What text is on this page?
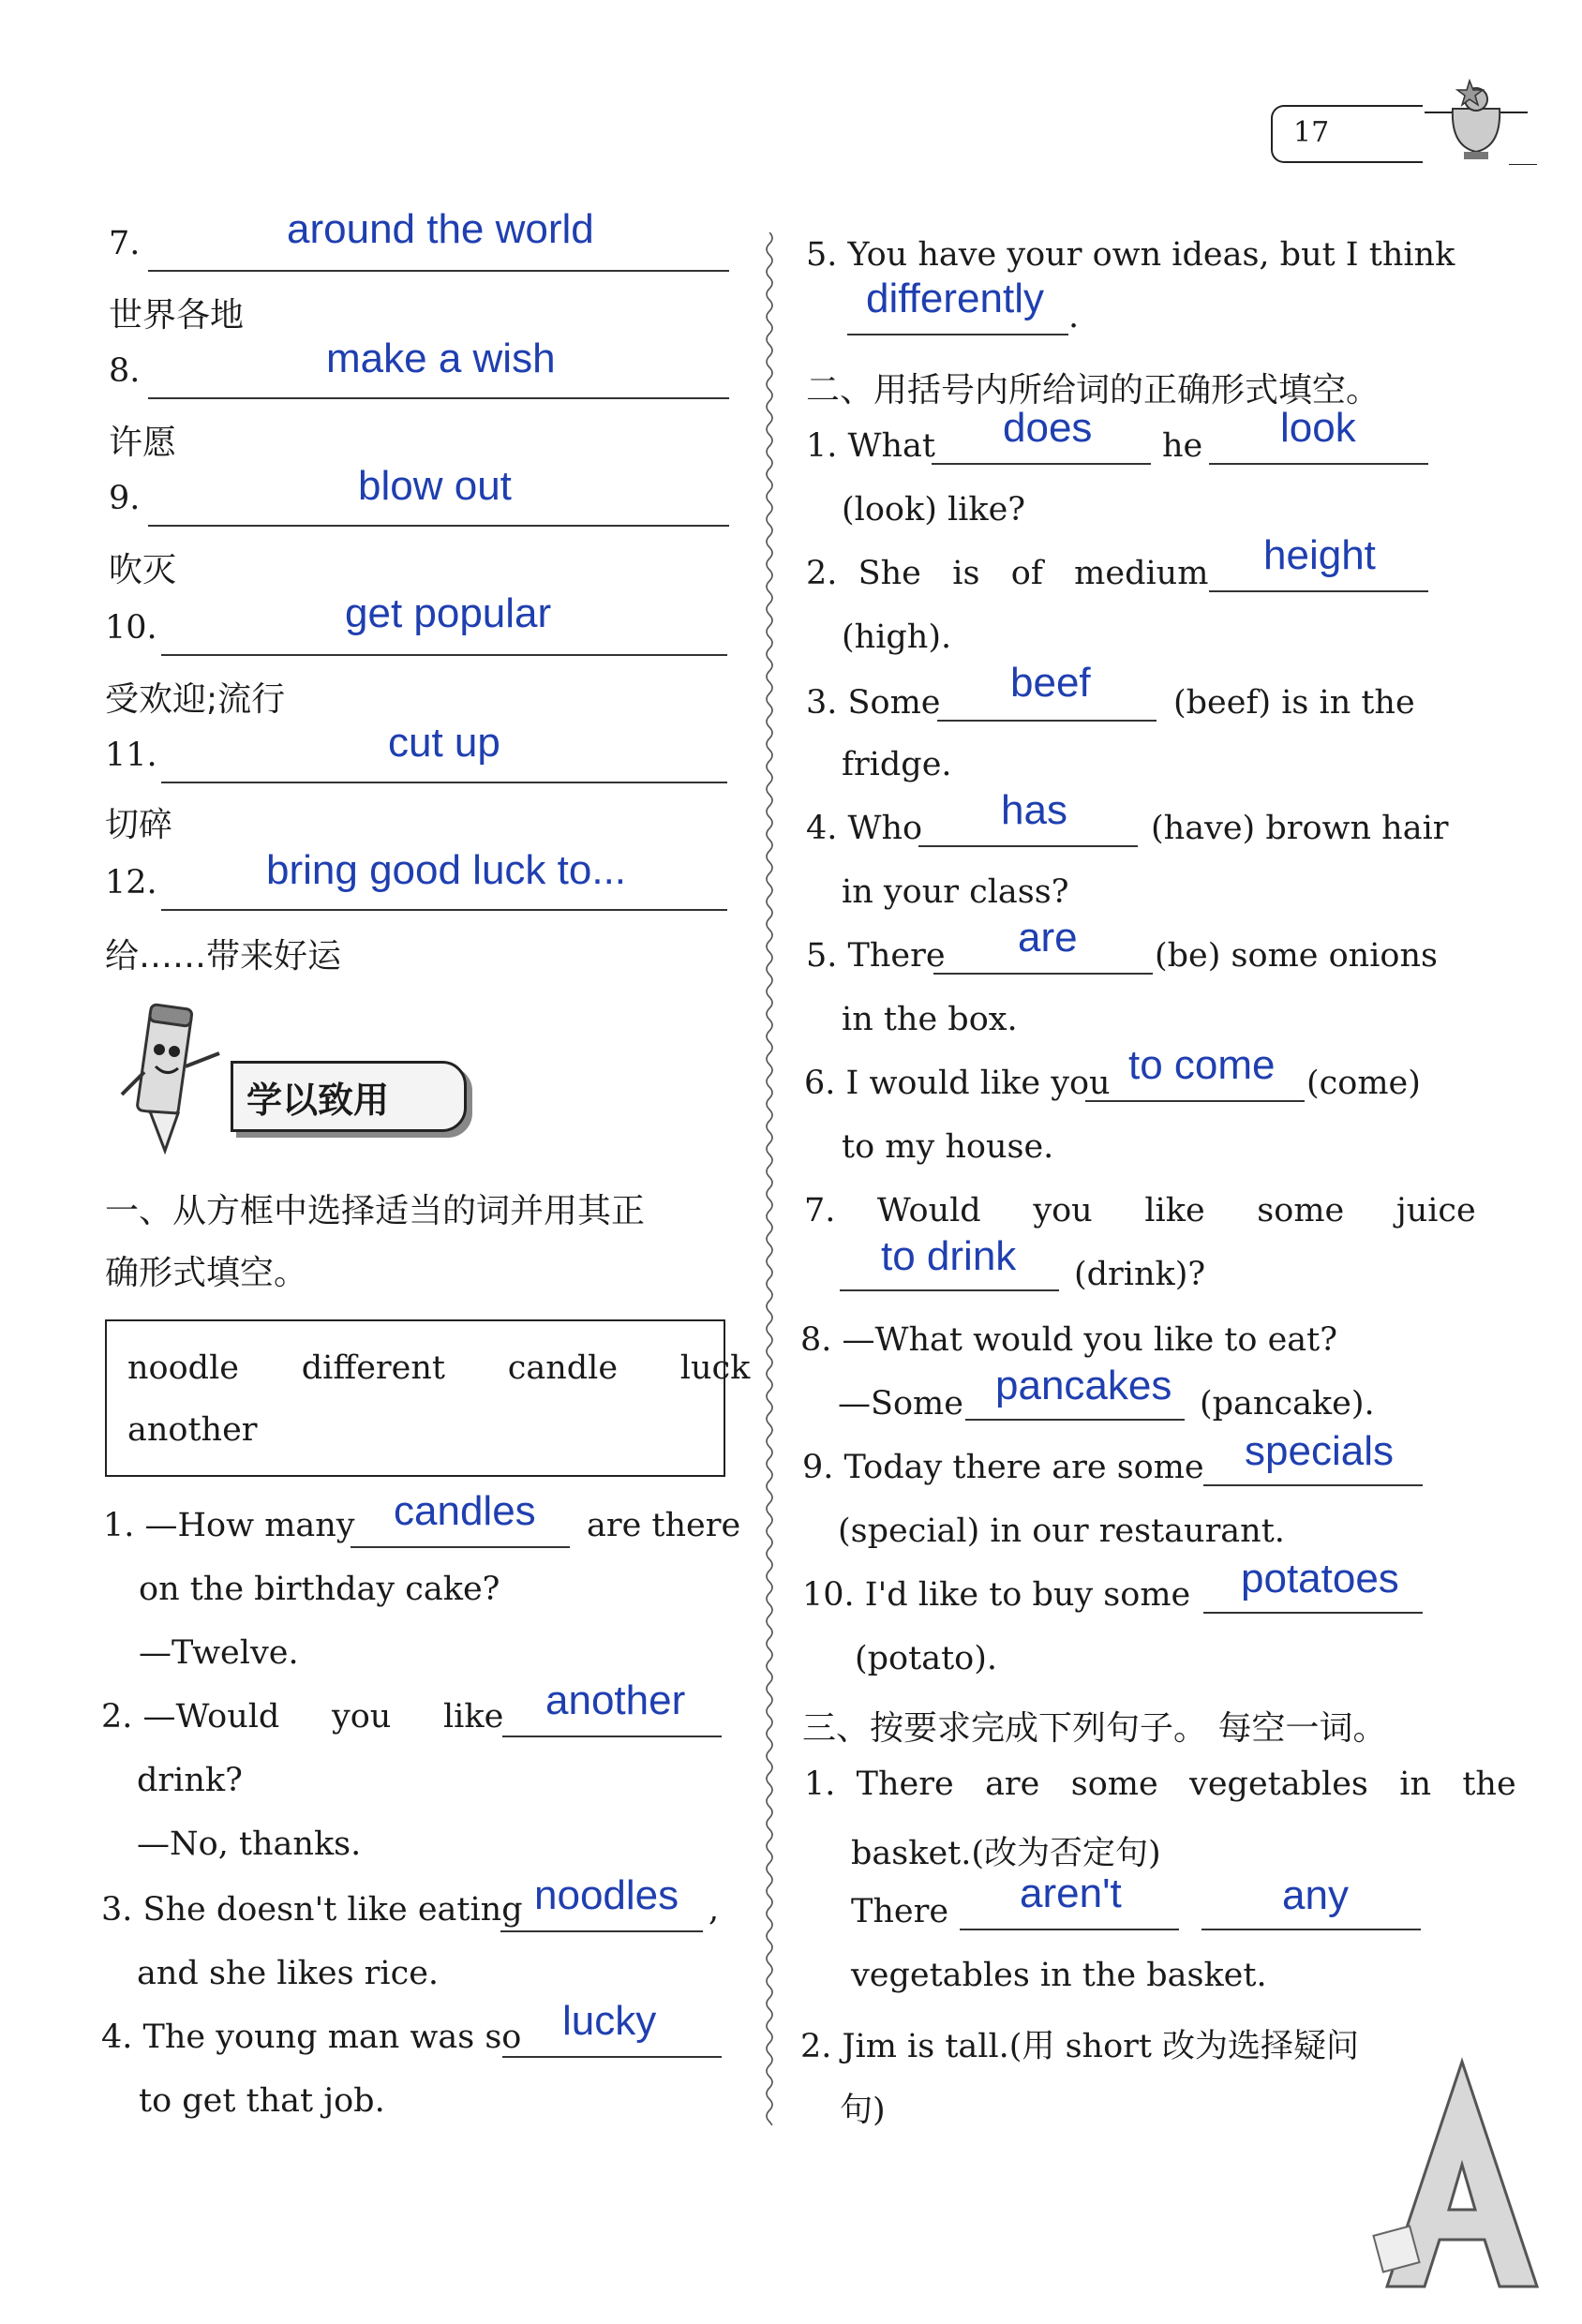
17
7.	around the world
世界各地
8.	make a wish
许愿
9.	blow out
吹灭
10.	get popular
受欢迎;流行
11.	cut up
切碎
12.	bring good luck to...
给……带来好运
学以致用
一、从方框中选择适当的词并用其正
确形式填空。
noodle      different      candle      luck
another
1. —How many candles are there
on the birthday cake?
—Twelve.
2. —Would     you     like another
drink?
—No, thanks.
3. She doesn't like eating noodles ,
and she likes rice.
4. The young man was so lucky
to get that job.
5. You have your own ideas, but I think
differently .
二、用括号内所给词的正确形式填空。
1. What does he look
(look) like?
2.  She   is   of   medium height
(high).
3. Some beef	(beef) is in the
fridge.
4. Who has	(have) brown hair
in your class?
5. There are (be) some onions
in the box.
6. I would like you to come (come)
to my house.
7.    Would     you     like     some     juice
to drink (drink)?
8. —What would you like to eat?
—Some pancakes (pancake).
9. Today there are some specials
(special) in our restaurant.
10. I'd like to buy some potatoes
(potato).
三、按要求完成下列句子。 每空一词。
1.  There   are   some   vegetables   in   the
basket.(改为否定句)
There aren't	any
vegetables in the basket.
2. Jim is tall.(用 short 改为选择疑问
句)
